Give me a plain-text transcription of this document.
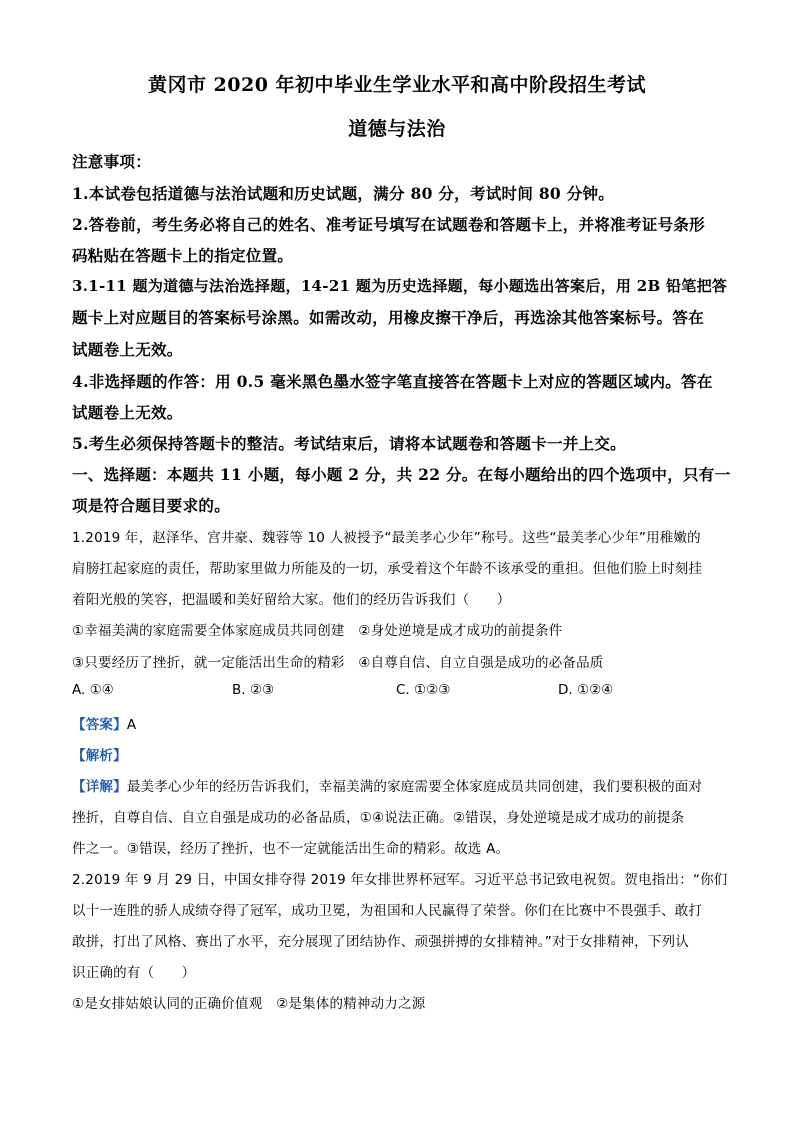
黄冈市 2020 年初中毕业生学业水平和高中阶段招生考试
道德与法治
注意事项：
1.本试卷包括道德与法治试题和历史试题，满分 80 分，考试时间 80 分钟。
2.答卷前，考生务必将自己的姓名、准考证号填写在试题卷和答题卡上，并将准考证号条形
码粘贴在答题卡上的指定位置。
3.1-11 题为道德与法治选择题，14-21 题为历史选择题，每小题选出答案后，用 2B 铅笔把答
题卡上对应题目的答案标号涂黑。如需改动，用橡皮擦干净后，再选涂其他答案标号。答在
试题卷上无效。
4.非选择题的作答：用 0.5 毫米黑色墨水签字笔直接答在答题卡上对应的答题区域内。答在
试题卷上无效。
5.考生必须保持答题卡的整洁。考试结束后，请将本试题卷和答题卡一并上交。
一、选择题：本题共 11 小题，每小题 2 分，共 22 分。在每小题给出的四个选项中，只有一
项是符合题目要求的。
1.2019 年，赵泽华、宫井豪、魏蓉等 10 人被授予“最美孝心少年”称号。这些“最美孝心少年”用稚嫩的
肩膀扛起家庭的责任，帮助家里做力所能及的一切，承受着这个年龄不该承受的重担。但他们脸上时刻挂
着阳光般的笑容，把温暖和美好留给大家。他们的经历告诉我们（　　）
①幸福美满的家庭需要全体家庭成员共同创建　②身处逆境是成才成功的前提条件
③只要经历了挫折，就一定能活出生命的精彩　④自尊自信、自立自强是成功的必备品质
A. ①④	B. ②③	C. ①②③	D. ①②④
【答案】A
【解析】
【详解】最美孝心少年的经历告诉我们，幸福美满的家庭需要全体家庭成员共同创建，我们要积极的面对
挫折，自尊自信、自立自强是成功的必备品质，①④说法正确。②错误，身处逆境是成才成功的前提条
件之一。③错误，经历了挫折，也不一定就能活出生命的精彩。故选 A。
2.2019 年 9 月 29 日，中国女排夺得 2019 年女排世界杯冠军。习近平总书记致电祝贺。贺电指出：“你们
以十一连胜的骄人成绩夺得了冠军，成功卫冕，为祖国和人民赢得了荣誉。你们在比赛中不畏强手、敢打
敢拼，打出了风格、赛出了水平，充分展现了团结协作、顽强拼搏的女排精神。”对于女排精神，下列认
识正确的有（　　）
①是女排姑娘认同的正确价值观　②是集体的精神动力之源
